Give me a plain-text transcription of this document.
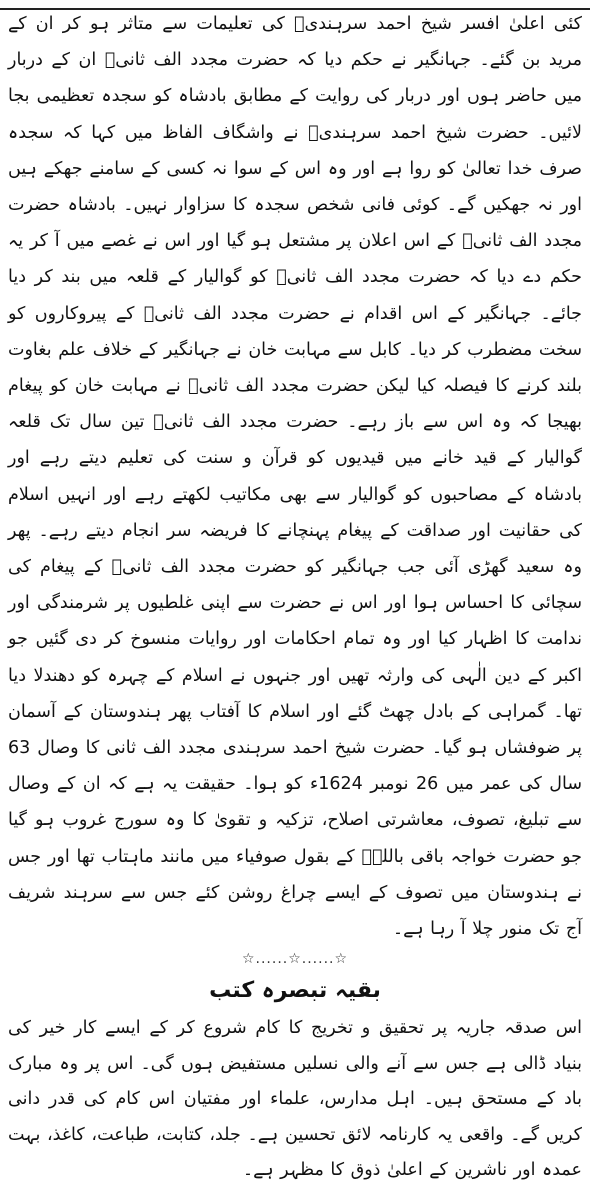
کئی اعلیٰ افسر شیخ احمد سرہندیؒ کی تعلیمات سے متاثر ہو کر ان کے مرید بن گئے۔ جہانگیر نے حکم دیا کہ حضرت مجدد الف ثانیؒ ان کے دربار میں حاضر ہوں اور دربار کی روایت کے مطابق بادشاہ کو سجدہ تعظیمی بجا لائیں۔ حضرت شیخ احمد سرہندیؒ نے واشگاف الفاظ میں کہا کہ سجدہ صرف خدا تعالیٰ کو روا ہے اور وہ اس کے سوا نہ کسی کے سامنے جھکے ہیں اور نہ جھکیں گے۔ کوئی فانی شخص سجدہ کا سزاوار نہیں۔ بادشاہ حضرت مجدد الف ثانیؒ کے اس اعلان پر مشتعل ہو گیا اور اس نے غصے میں آ کر یہ حکم دے دیا کہ حضرت مجدد الف ثانیؒ کو گوالیار کے قلعہ میں بند کر دیا جائے۔ جہانگیر کے اس اقدام نے حضرت مجدد الف ثانیؒ کے پیروکاروں کو سخت مضطرب کر دیا۔ کابل سے مہابت خان نے جہانگیر کے خلاف علم بغاوت بلند کرنے کا فیصلہ کیا لیکن حضرت مجدد الف ثانیؒ نے مہابت خان کو پیغام بھیجا کہ وہ اس سے باز رہے۔ حضرت مجدد الف ثانیؒ تین سال تک قلعہ گوالیار کے قید خانے میں قیدیوں کو قرآن و سنت کی تعلیم دیتے رہے اور بادشاہ کے مصاحبوں کو گوالیار سے بھی مکاتیب لکھتے رہے اور انہیں اسلام کی حقانیت اور صداقت کے پیغام پہنچانے کا فریضہ سر انجام دیتے رہے۔ پھر وہ سعید گھڑی آئی جب جہانگیر کو حضرت مجدد الف ثانیؒ کے پیغام کی سچائی کا احساس ہوا اور اس نے حضرت سے اپنی غلطیوں پر شرمندگی اور ندامت کا اظہار کیا اور وہ تمام احکامات اور روایات منسوخ کر دی گئیں جو اکبر کے دین الٰہی کی وارثہ تھیں اور جنہوں نے اسلام کے چہرہ کو دھندلا دیا تھا۔ گمراہی کے بادل چھٹ گئے اور اسلام کا آفتاب پھر ہندوستان کے آسمان پر ضوفشاں ہو گیا۔ حضرت شیخ احمد سرہندی مجدد الف ثانی کا وصال 63 سال کی عمر میں 26 نومبر 1624ء کو ہوا۔ حقیقت یہ ہے کہ ان کے وصال سے تبلیغ، تصوف، معاشرتی اصلاح، تزکیہ و تقویٰ کا وہ سورج غروب ہو گیا جو حضرت خواجہ باقی باللہؒ کے بقول صوفیاء میں مانند ماہتاب تھا اور جس نے ہندوستان میں تصوف کے ایسے چراغ روشن کئے جس سے سرہند شریف آج تک منور چلا آ رہا ہے۔

☆......☆......☆
بقیہ تبصرہ کتب

اس صدقہ جاریہ پر تحقیق و تخریج کا کام شروع کر کے ایسے کار خیر کی بنیاد ڈالی ہے جس سے آنے والی نسلیں مستفیض ہوں گی۔ اس پر وہ مبارک باد کے مستحق ہیں۔ اہل مدارس، علماء اور مفتیان اس کام کی قدر دانی کریں گے۔ واقعی یہ کارنامہ لائق تحسین ہے۔ جلد، کتابت، طباعت، کاغذ، بہت عمدہ اور ناشرین کے اعلیٰ ذوق کا مظہر ہے۔
